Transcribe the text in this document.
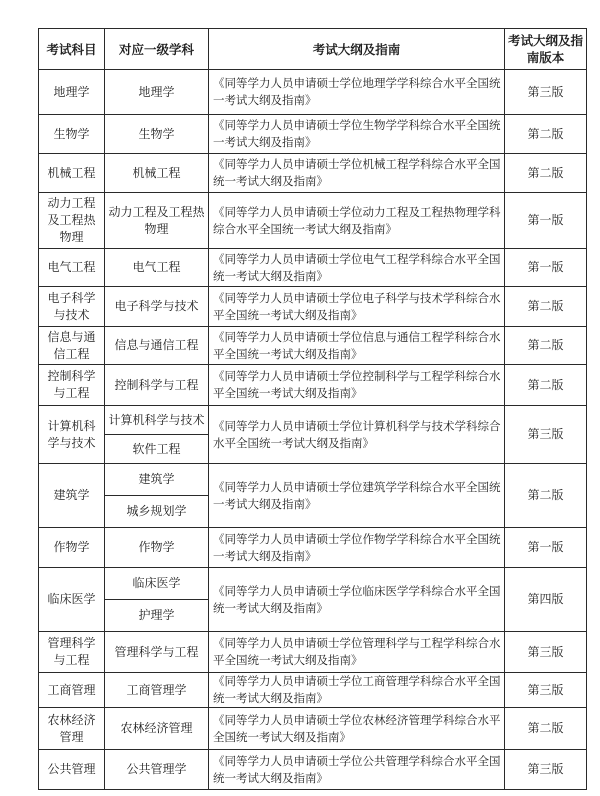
考试科目	对应一级学科	考试大纲及指南	考试大纲及指南版本
地理学	地理学	《同等学力人员申请硕士学位地理学学科综合水平全国统一考试大纲及指南》	第三版
生物学	生物学	《同等学力人员申请硕士学位生物学学科综合水平全国统一考试大纲及指南》	第二版
机械工程	机械工程	《同等学力人员申请硕士学位机械工程学科综合水平全国统一考试大纲及指南》	第二版
动力工程及工程热物理	动力工程及工程热物理	《同等学力人员申请硕士学位动力工程及工程热物理学科综合水平全国统一考试大纲及指南》	第一版
电气工程	电气工程	《同等学力人员申请硕士学位电气工程学科综合水平全国统一考试大纲及指南》	第一版
电子科学与技术	电子科学与技术	《同等学力人员申请硕士学位电子科学与技术学科综合水平全国统一考试大纲及指南》	第二版
信息与通信工程	信息与通信工程	《同等学力人员申请硕士学位信息与通信工程学科综合水平全国统一考试大纲及指南》	第二版
控制科学与工程	控制科学与工程	《同等学力人员申请硕士学位控制科学与工程学科综合水平全国统一考试大纲及指南》	第二版
计算机科学与技术	计算机科学与技术	《同等学力人员申请硕士学位计算机科学与技术学科综合水平全国统一考试大纲及指南》	第三版
	软件工程		
建筑学	建筑学	《同等学力人员申请硕士学位建筑学学科综合水平全国统一考试大纲及指南》	第二版
	城乡规划学		
作物学	作物学	《同等学力人员申请硕士学位作物学学科综合水平全国统一考试大纲及指南》	第一版
临床医学	临床医学	《同等学力人员申请硕士学位临床医学学科综合水平全国统一考试大纲及指南》	第四版
	护理学		
管理科学与工程	管理科学与工程	《同等学力人员申请硕士学位管理科学与工程学科综合水平全国统一考试大纲及指南》	第三版
工商管理	工商管理学	《同等学力人员申请硕士学位工商管理学科综合水平全国统一考试大纲及指南》	第三版
农林经济管理	农林经济管理	《同等学力人员申请硕士学位农林经济管理学科综合水平全国统一考试大纲及指南》	第二版
公共管理	公共管理学	《同等学力人员申请硕士学位公共管理学科综合水平全国统一考试大纲及指南》	第三版
